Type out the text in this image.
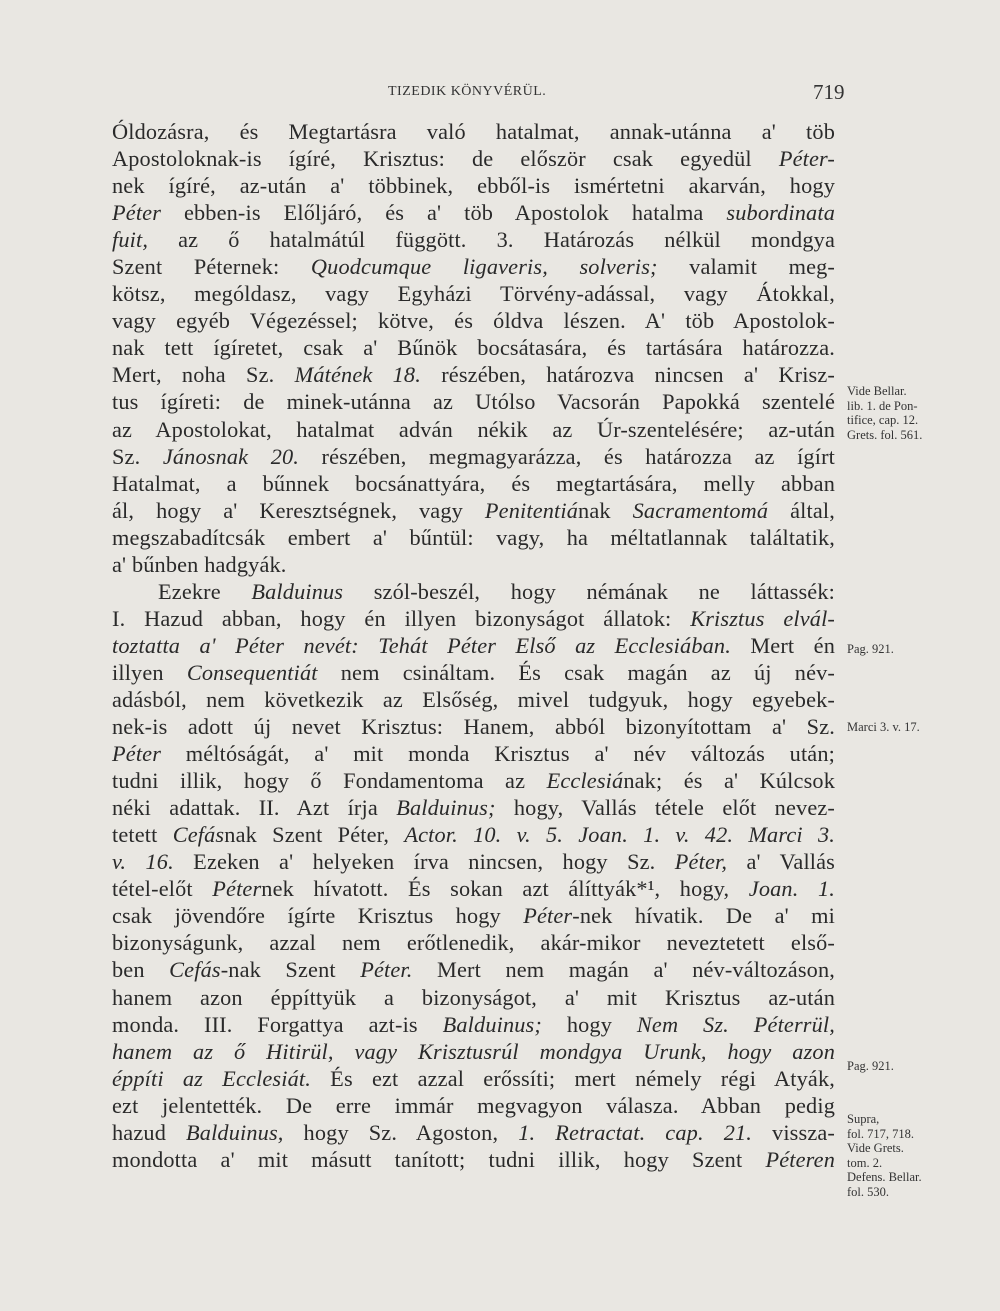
TIZEDIK KÖNYVÉRÜL.	719
Óldozásra, és Megtartásra való hatalmat, annak-utánna a' töb
Apostoloknak-is ígíré, Krisztus: de először csak egyedül Péter-
nek ígíré, az-után a' többinek, ebből-is ismértetni akarván, hogy
Péter ebben-is Előljáró, és a' töb Apostolok hatalma subordinata
fuit, az ő hatalmátúl függött. 3. Határozás nélkül mondgya
Szent Péternek: Quodcumque ligaveris, solveris; valamit meg-
kötsz, mególdasz, vagy Egyházi Törvény-adással, vagy Átokkal,
vagy egyéb Végezéssel; kötve, és óldva lészen. A' töb Apostolok-
nak tett ígíretet, csak a' Bűnök bocsátasára, és tartására határozza.
Mert, noha Sz. Mátének 18. részében, határozva nincsen a' Krisz-
tus ígíreti: de minek-utánna az Utólso Vacsorán Papokká szentelé
az Apostolokat, hatalmat adván nékik az Úr-szentelésére; az-után
Sz. Jánosnak 20. részében, megmagyarázza, és határozza az ígírt
Hatalmat, a bűnnek bocsánattyára, és megtartására, melly abban
ál, hogy a' Keresztségnek, vagy Penitentiának Sacramentomá által,
megszabadítcsák embert a' bűntül: vagy, ha méltatlannak találtatik,
a' bűnben hadgyák.
Ezekre Balduinus szól-beszél, hogy némának ne láttassék:
I. Hazud abban, hogy én illyen bizonyságot állatok: Krisztus elvál-
toztatta a' Péter nevét: Tehát Péter Első az Ecclesiában. Mert én
illyen Consequentiát nem csináltam. És csak magán az új név-
adásból, nem következik az Elsőség, mivel tudgyuk, hogy egyebek-
nek-is adott új nevet Krisztus: Hanem, abból bizonyítottam a' Sz.
Péter méltóságát, a' mit monda Krisztus a' név változás után;
tudni illik, hogy ő Fondamentoma az Ecclesiának; és a' Kúlcsok
néki adattak. II. Azt írja Balduinus; hogy, Vallás tétele előt nevez-
tetett Cefásnak Szent Péter, Actor. 10. v. 5. Joan. 1. v. 42. Marci 3.
v. 16. Ezeken a' helyeken írva nincsen, hogy Sz. Péter, a' Vallás
tétel-előt Péternek hívatott. És sokan azt álíttyák*¹, hogy, Joan. 1.
csak jövendőre ígírte Krisztus hogy Péter-nek hívatik. De a' mi
bizonyságunk, azzal nem erőtlenedik, akár-mikor neveztetett első-
ben Cefás-nak Szent Péter. Mert nem magán a' név-változáson,
hanem azon éppíttyük a bizonyságot, a' mit Krisztus az-után
monda. III. Forgattya azt-is Balduinus; hogy Nem Sz. Péterrül,
hanem az ő Hitirül, vagy Krisztusrúl mondgya Urunk, hogy azon
éppíti az Ecclesiát. És ezt azzal erőssíti; mert némely régi Atyák,
ezt jelentették. De erre immár megvagyon válasza. Abban pedig
hazud Balduinus, hogy Sz. Agoston, 1. Retractat. cap. 21. vissza-
mondotta a' mit másutt tanított; tudni illik, hogy Szent Péteren
Vide Bellar.
lib. 1. de Pon-
tifice, cap. 12.
Grets. fol. 561.
Pag. 921.
Marci 3. v. 17.
Pag. 921.
Supra,
fol. 717, 718.
Vide Grets.
tom. 2.
Defens. Bellar.
fol. 530.
